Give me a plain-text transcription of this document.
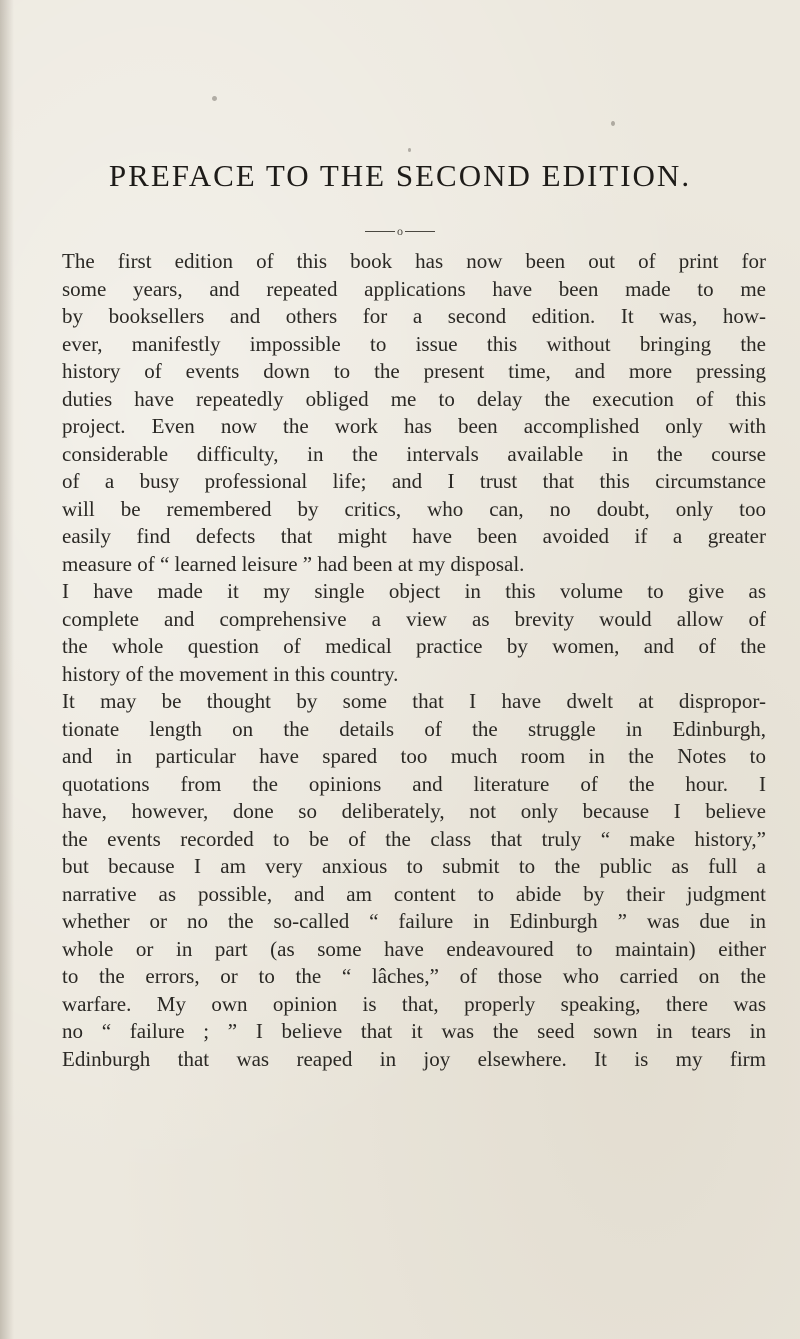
PREFACE TO THE SECOND EDITION.
o
The first edition of this book has now been out of print for
some years, and repeated applications have been made to me
by booksellers and others for a second edition. It was, how-
ever, manifestly impossible to issue this without bringing the
history of events down to the present time, and more pressing
duties have repeatedly obliged me to delay the execution of this
project. Even now the work has been accomplished only with
considerable difficulty, in the intervals available in the course
of a busy professional life; and I trust that this circumstance
will be remembered by critics, who can, no doubt, only too
easily find defects that might have been avoided if a greater
measure of “ learned leisure ” had been at my disposal.
I have made it my single object in this volume to give as
complete and comprehensive a view as brevity would allow of
the whole question of medical practice by women, and of the
history of the movement in this country.
It may be thought by some that I have dwelt at dispropor-
tionate length on the details of the struggle in Edinburgh,
and in particular have spared too much room in the Notes to
quotations from the opinions and literature of the hour. I
have, however, done so deliberately, not only because I believe
the events recorded to be of the class that truly “ make history,”
but because I am very anxious to submit to the public as full a
narrative as possible, and am content to abide by their judgment
whether or no the so-called “ failure in Edinburgh ” was due in
whole or in part (as some have endeavoured to maintain) either
to the errors, or to the “ lâches,” of those who carried on the
warfare. My own opinion is that, properly speaking, there was
no “ failure ; ” I believe that it was the seed sown in tears in
Edinburgh that was reaped in joy elsewhere. It is my firm
